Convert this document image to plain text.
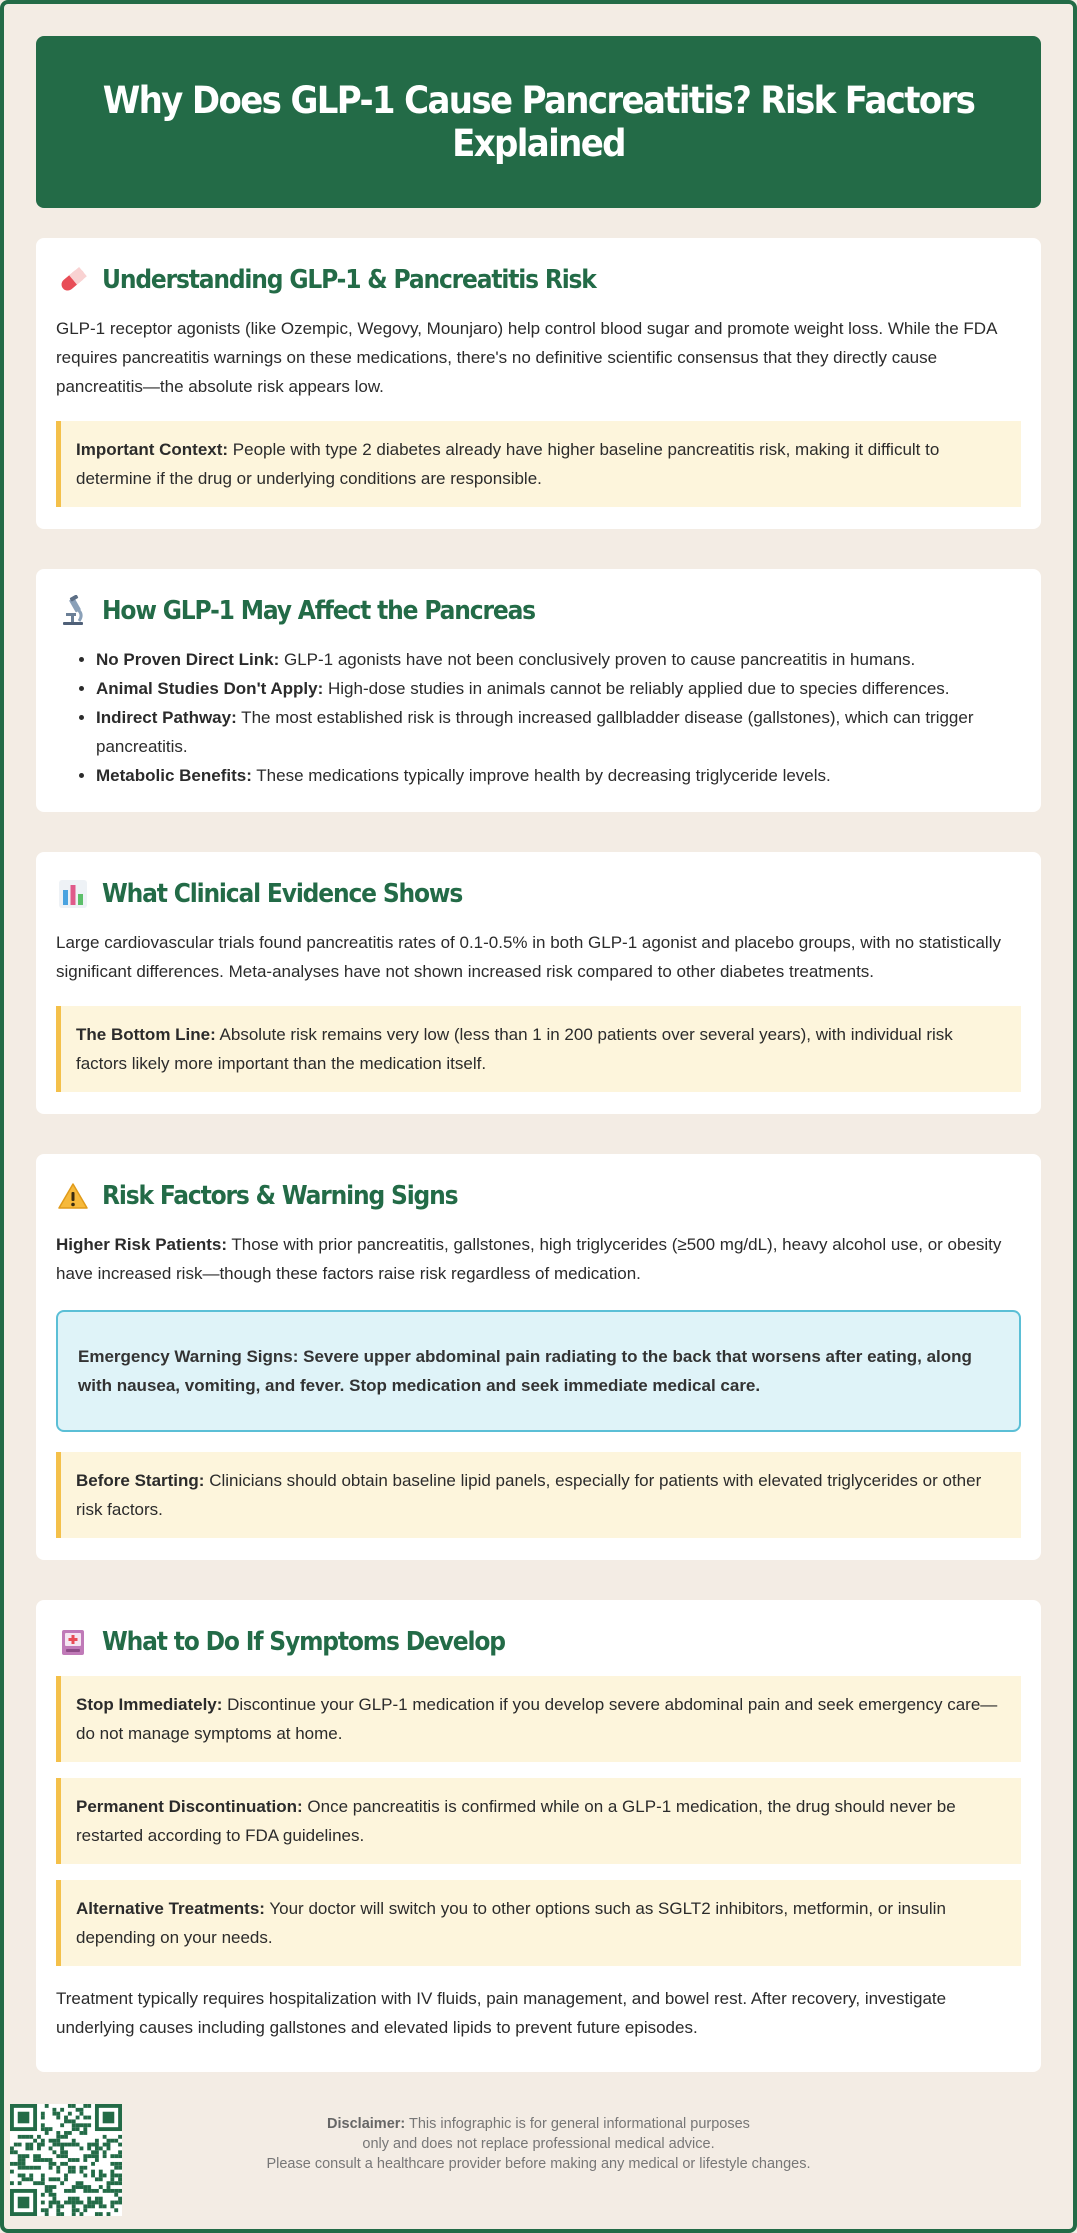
Why Does GLP-1 Cause Pancreatitis? Risk Factors Explained
Understanding GLP-1 & Pancreatitis Risk

GLP-1 receptor agonists (like Ozempic, Wegovy, Mounjaro) help control blood sugar and promote weight loss. While the FDA requires pancreatitis warnings on these medications, there's no definitive scientific consensus that they directly cause pancreatitis—the absolute risk appears low.

Important Context: People with type 2 diabetes already have higher baseline pancreatitis risk, making it difficult to determine if the drug or underlying conditions are responsible.
How GLP-1 May Affect the Pancreas
• No Proven Direct Link: GLP-1 agonists have not been conclusively proven to cause pancreatitis in humans.
• Animal Studies Don't Apply: High-dose studies in animals cannot be reliably applied due to species differences.
• Indirect Pathway: The most established risk is through increased gallbladder disease (gallstones), which can trigger pancreatitis.
• Metabolic Benefits: These medications typically improve health by decreasing triglyceride levels.
What Clinical Evidence Shows

Large cardiovascular trials found pancreatitis rates of 0.1-0.5% in both GLP-1 agonist and placebo groups, with no statistically significant differences. Meta-analyses have not shown increased risk compared to other diabetes treatments.

The Bottom Line: Absolute risk remains very low (less than 1 in 200 patients over several years), with individual risk factors likely more important than the medication itself.
Risk Factors & Warning Signs

Higher Risk Patients: Those with prior pancreatitis, gallstones, high triglycerides (≥500 mg/dL), heavy alcohol use, or obesity have increased risk—though these factors raise risk regardless of medication.

Emergency Warning Signs: Severe upper abdominal pain radiating to the back that worsens after eating, along with nausea, vomiting, and fever. Stop medication and seek immediate medical care.
Before Starting: Clinicians should obtain baseline lipid panels, especially for patients with elevated triglycerides or other risk factors.
What to Do If Symptoms Develop
Stop Immediately: Discontinue your GLP-1 medication if you develop severe abdominal pain and seek emergency care—do not manage symptoms at home.
Permanent Discontinuation: Once pancreatitis is confirmed while on a GLP-1 medication, the drug should never be restarted according to FDA guidelines.
Alternative Treatments: Your doctor will switch you to other options such as SGLT2 inhibitors, metformin, or insulin depending on your needs.

Treatment typically requires hospitalization with IV fluids, pain management, and bowel rest. After recovery, investigate underlying causes including gallstones and elevated lipids to prevent future episodes.

Disclaimer: This infographic is for general informational purposes
only and does not replace professional medical advice.
Please consult a healthcare provider before making any medical or lifestyle changes.
